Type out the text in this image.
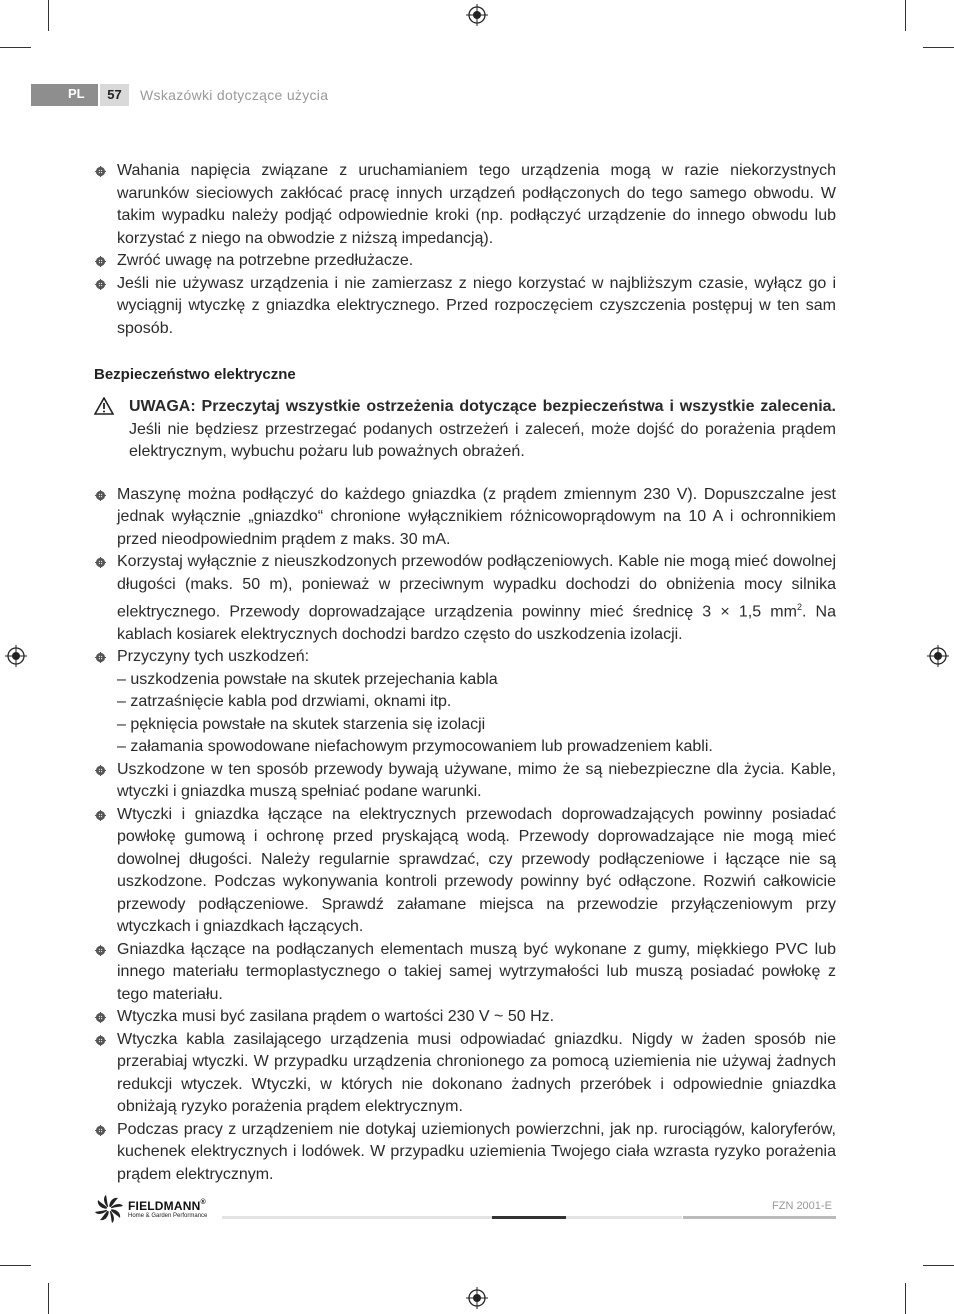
PL	57	Wskazówki dotyczące użycia
Wahania napięcia związane z uruchamianiem tego urządzenia mogą w razie niekorzystnych warunków sieciowych zakłócać pracę innych urządzeń podłączonych do tego samego obwodu. W takim wypadku należy podjąć odpowiednie kroki (np. podłączyć urządzenie do innego obwodu lub korzystać z niego na obwodzie z niższą impedancją).
Zwróć uwagę na potrzebne przedłużacze.
Jeśli nie używasz urządzenia i nie zamierzasz z niego korzystać w najbliższym czasie, wyłącz go i wyciągnij wtyczkę z gniazdka elektrycznego. Przed rozpoczęciem czyszczenia postępuj w ten sam sposób.
Bezpieczeństwo elektryczne
UWAGA: Przeczytaj wszystkie ostrzeżenia dotyczące bezpieczeństwa i wszystkie zalecenia. Jeśli nie będziesz przestrzegać podanych ostrzeżeń i zaleceń, może dojść do porażenia prądem elektrycznym, wybuchu pożaru lub poważnych obrażeń.
Maszynę można podłączyć do każdego gniazdka (z prądem zmiennym 230 V). Dopuszczalne jest jednak wyłącznie „gniazdko“ chronione wyłącznikiem różnicowoprądowym na 10 A i ochronnikiem przed nieodpowiednim prądem z maks. 30 mA.
Korzystaj wyłącznie z nieuszkodzonych przewodów podłączeniowych. Kable nie mogą mieć dowolnej długości (maks. 50 m), ponieważ w przeciwnym wypadku dochodzi do obniżenia mocy silnika elektrycznego. Przewody doprowadzające urządzenia powinny mieć średnicę 3 × 1,5 $mm^2$. Na kablach kosiarek elektrycznych dochodzi bardzo często do uszkodzenia izolacji.
Przyczyny tych uszkodzeń:
– uszkodzenia powstałe na skutek przejechania kabla
– zatrzaśnięcie kabla pod drzwiami, oknami itp.
– pęknięcia powstałe na skutek starzenia się izolacji
– załamania spowodowane niefachowym przymocowaniem lub prowadzeniem kabli.
Uszkodzone w ten sposób przewody bywają używane, mimo że są niebezpieczne dla życia. Kable, wtyczki i gniazdka muszą spełniać podane warunki.
Wtyczki i gniazdka łączące na elektrycznych przewodach doprowadzających powinny posiadać powłokę gumową i ochronę przed pryskającą wodą. Przewody doprowadzające nie mogą mieć dowolnej długości. Należy regularnie sprawdzać, czy przewody podłączeniowe i łączące nie są uszkodzone. Podczas wykonywania kontroli przewody powinny być odłączone. Rozwiń całkowicie przewody podłączeniowe. Sprawdź załamane miejsca na przewodzie przyłączeniowym przy wtyczkach i gniazdkach łączących.
Gniazdka łączące na podłączanych elementach muszą być wykonane z gumy, miękkiego PVC lub innego materiału termoplastycznego o takiej samej wytrzymałości lub muszą posiadać powłokę z tego materiału.
Wtyczka musi być zasilana prądem o wartości 230 V ~ 50 Hz.
Wtyczka kabla zasilającego urządzenia musi odpowiadać gniazdku. Nigdy w żaden sposób nie przerabiaj wtyczki. W przypadku urządzenia chronionego za pomocą uziemienia nie używaj żadnych redukcji wtyczek. Wtyczki, w których nie dokonano żadnych przeróbek i odpowiednie gniazdka obniżają ryzyko porażenia prądem elektrycznym.
Podczas pracy z urządzeniem nie dotykaj uziemionych powierzchni, jak np. rurociągów, kaloryferów, kuchenek elektrycznych i lodówek. W przypadku uziemienia Twojego ciała wzrasta ryzyko porażenia prądem elektrycznym.
FIELDMANN®
Home & Garden Performance
FZN 2001-E
